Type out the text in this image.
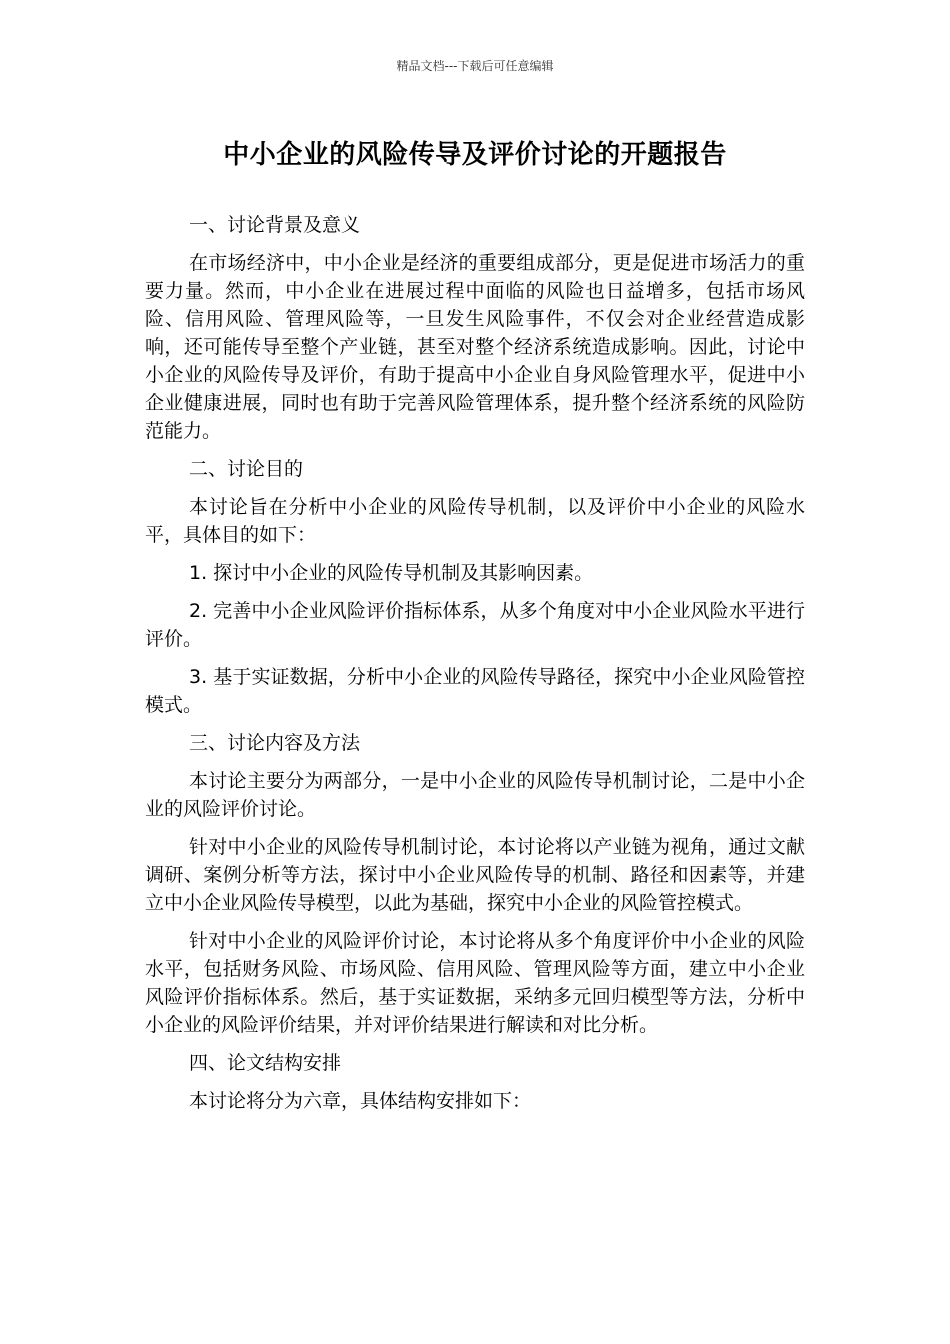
精品文档---下载后可任意编辑
中小企业的风险传导及评价讨论的开题报告

一、讨论背景及意义

在市场经济中，中小企业是经济的重要组成部分，更是促进市场活力的重要力量。然而，中小企业在进展过程中面临的风险也日益增多，包括市场风险、信用风险、管理风险等，一旦发生风险事件，不仅会对企业经营造成影响，还可能传导至整个产业链，甚至对整个经济系统造成影响。因此，讨论中小企业的风险传导及评价，有助于提高中小企业自身风险管理水平，促进中小企业健康进展，同时也有助于完善风险管理体系，提升整个经济系统的风险防范能力。

二、讨论目的

本讨论旨在分析中小企业的风险传导机制，以及评价中小企业的风险水平，具体目的如下：

1. 探讨中小企业的风险传导机制及其影响因素。

2. 完善中小企业风险评价指标体系，从多个角度对中小企业风险水平进行评价。

3. 基于实证数据，分析中小企业的风险传导路径，探究中小企业风险管控模式。

三、讨论内容及方法

本讨论主要分为两部分，一是中小企业的风险传导机制讨论，二是中小企业的风险评价讨论。

针对中小企业的风险传导机制讨论，本讨论将以产业链为视角，通过文献调研、案例分析等方法，探讨中小企业风险传导的机制、路径和因素等，并建立中小企业风险传导模型，以此为基础，探究中小企业的风险管控模式。

针对中小企业的风险评价讨论，本讨论将从多个角度评价中小企业的风险水平，包括财务风险、市场风险、信用风险、管理风险等方面，建立中小企业风险评价指标体系。然后，基于实证数据，采纳多元回归模型等方法，分析中小企业的风险评价结果，并对评价结果进行解读和对比分析。

四、论文结构安排

本讨论将分为六章，具体结构安排如下：
